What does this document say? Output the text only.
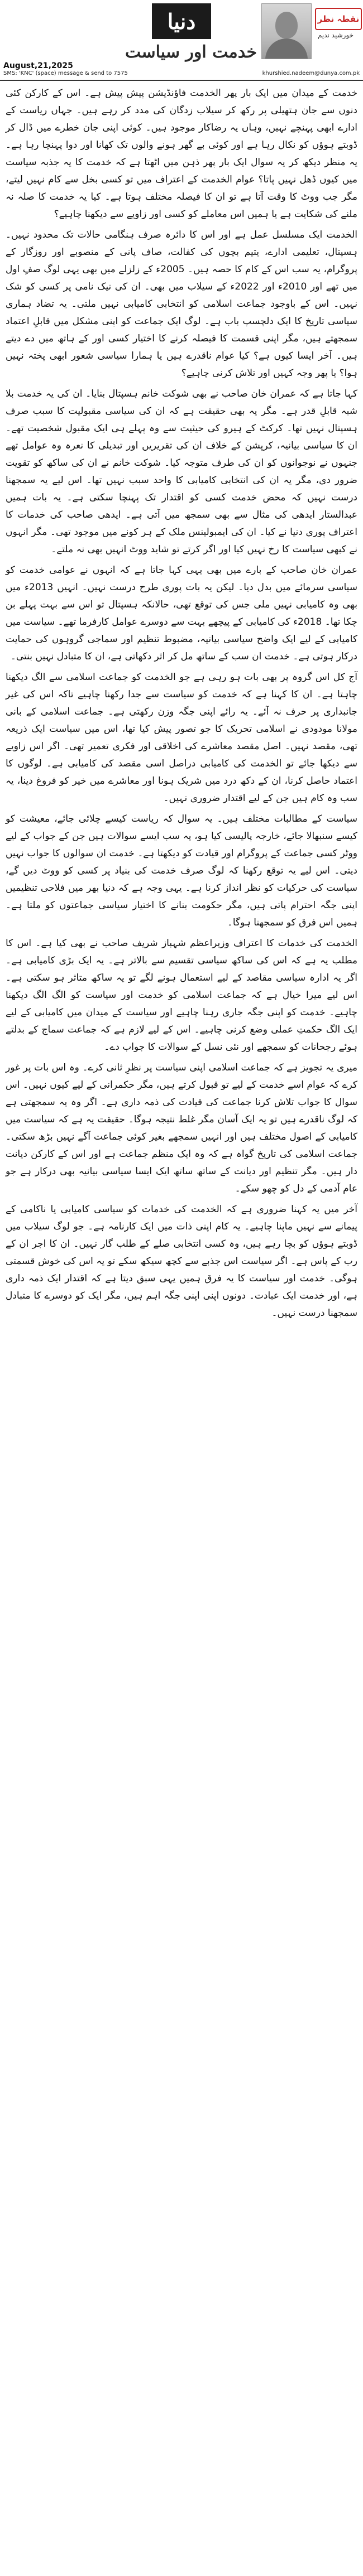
دنیا	نقطہ نظر
خورشید ندیم
خدمت اور سیاست
August,21,2025
SMS: 'KNC' (space) message & send to 7575	khurshied.nadeem@dunya.com.pk

خدمت کے میدان میں ایک بار پھر الخدمت فاؤنڈیشن پیش پیش ہے۔ اس کے کارکن کئی دنوں سے جان ہتھیلی پر رکھ کر سیلاب زدگان کی مدد کر رہے ہیں۔ جہاں ریاست کے ادارے ابھی پہنچے نہیں، وہاں یہ رضاکار موجود ہیں۔ کوئی اپنی جان خطرے میں ڈال کر ڈوبتے ہوؤں کو نکال رہا ہے اور کوئی بے گھر ہونے والوں تک کھانا اور دوا پہنچا رہا ہے۔ یہ منظر دیکھ کر یہ سوال ایک بار پھر ذہن میں اٹھتا ہے کہ خدمت کا یہ جذبہ سیاست میں کیوں ڈھل نہیں پاتا؟ عوام الخدمت کے اعتراف میں تو کسی بخل سے کام نہیں لیتے، مگر جب ووٹ کا وقت آتا ہے تو ان کا فیصلہ مختلف ہوتا ہے۔ کیا یہ خدمت کا صلہ نہ ملنے کی شکایت ہے یا ہمیں اس معاملے کو کسی اور زاویے سے دیکھنا چاہیے؟

الخدمت ایک مسلسل عمل ہے اور اس کا دائرہ صرف ہنگامی حالات تک محدود نہیں۔ ہسپتال، تعلیمی ادارے، یتیم بچوں کی کفالت، صاف پانی کے منصوبے اور روزگار کے پروگرام، یہ سب اس کے کام کا حصہ ہیں۔ 2005ء کے زلزلے میں بھی یہی لوگ صفِ اول میں تھے اور 2010ء اور 2022ء کے سیلاب میں بھی۔ ان کی نیک نامی پر کسی کو شک نہیں۔ اس کے باوجود جماعت اسلامی کو انتخابی کامیابی نہیں ملتی۔ یہ تضاد ہماری سیاسی تاریخ کا ایک دلچسپ باب ہے۔ لوگ ایک جماعت کو اپنی مشکل میں قابلِ اعتماد سمجھتے ہیں، مگر اپنی قسمت کا فیصلہ کرنے کا اختیار کسی اور کے ہاتھ میں دے دیتے ہیں۔ آخر ایسا کیوں ہے؟ کیا عوام ناقدرے ہیں یا ہمارا سیاسی شعور ابھی پختہ نہیں ہوا؟ یا پھر وجہ کہیں اور تلاش کرنی چاہیے؟

کہا جاتا ہے کہ عمران خان صاحب نے بھی شوکت خانم ہسپتال بنایا۔ ان کی یہ خدمت بلا شبہ قابلِ قدر ہے۔ مگر یہ بھی حقیقت ہے کہ ان کی سیاسی مقبولیت کا سبب صرف ہسپتال نہیں تھا۔ کرکٹ کے ہیرو کی حیثیت سے وہ پہلے ہی ایک مقبول شخصیت تھے۔ ان کا سیاسی بیانیہ، کرپشن کے خلاف ان کی تقریریں اور تبدیلی کا نعرہ وہ عوامل تھے جنہوں نے نوجوانوں کو ان کی طرف متوجہ کیا۔ شوکت خانم نے ان کی ساکھ کو تقویت ضرور دی، مگر یہ ان کی انتخابی کامیابی کا واحد سبب نہیں تھا۔ اس لیے یہ سمجھنا درست نہیں کہ محض خدمت کسی کو اقتدار تک پہنچا سکتی ہے۔ یہ بات ہمیں عبدالستار ایدھی کی مثال سے بھی سمجھ میں آتی ہے۔ ایدھی صاحب کی خدمات کا اعتراف پوری دنیا نے کیا۔ ان کی ایمبولینس ملک کے ہر کونے میں موجود تھی۔ مگر انہوں نے کبھی سیاست کا رخ نہیں کیا اور اگر کرتے تو شاید ووٹ انہیں بھی نہ ملتے۔

عمران خان صاحب کے بارے میں بھی یہی کہا جاتا ہے کہ انہوں نے عوامی خدمت کو سیاسی سرمائے میں بدل دیا۔ لیکن یہ بات پوری طرح درست نہیں۔ انہیں 2013ء میں بھی وہ کامیابی نہیں ملی جس کی توقع تھی، حالانکہ ہسپتال تو اس سے بہت پہلے بن چکا تھا۔ 2018ء کی کامیابی کے پیچھے بہت سے دوسرے عوامل کارفرما تھے۔ سیاست میں کامیابی کے لیے ایک واضح سیاسی بیانیہ، مضبوط تنظیم اور سماجی گروہوں کی حمایت درکار ہوتی ہے۔ خدمت ان سب کے ساتھ مل کر اثر دکھاتی ہے، ان کا متبادل نہیں بنتی۔

آج کل اس گروہ پر بھی بات ہو رہی ہے جو الخدمت کو جماعت اسلامی سے الگ دیکھنا چاہتا ہے۔ ان کا کہنا ہے کہ خدمت کو سیاست سے جدا رکھنا چاہیے تاکہ اس کی غیر جانبداری پر حرف نہ آئے۔ یہ رائے اپنی جگہ وزن رکھتی ہے۔ جماعت اسلامی کے بانی مولانا مودودی نے اسلامی تحریک کا جو تصور پیش کیا تھا، اس میں سیاست ایک ذریعہ تھی، مقصد نہیں۔ اصل مقصد معاشرے کی اخلاقی اور فکری تعمیر تھی۔ اگر اس زاویے سے دیکھا جائے تو الخدمت کی کامیابی دراصل اسی مقصد کی کامیابی ہے۔ لوگوں کا اعتماد حاصل کرنا، ان کے دکھ درد میں شریک ہونا اور معاشرے میں خیر کو فروغ دینا، یہ سب وہ کام ہیں جن کے لیے اقتدار ضروری نہیں۔

سیاست کے مطالبات مختلف ہیں۔ یہ سوال کہ ریاست کیسے چلائی جائے، معیشت کو کیسے سنبھالا جائے، خارجہ پالیسی کیا ہو، یہ سب ایسے سوالات ہیں جن کے جواب کے لیے ووٹر کسی جماعت کے پروگرام اور قیادت کو دیکھتا ہے۔ خدمت ان سوالوں کا جواب نہیں دیتی۔ اس لیے یہ توقع رکھنا کہ لوگ صرف خدمت کی بنیاد پر کسی کو ووٹ دیں گے، سیاست کی حرکیات کو نظر انداز کرنا ہے۔ یہی وجہ ہے کہ دنیا بھر میں فلاحی تنظیمیں اپنی جگہ احترام پاتی ہیں، مگر حکومت بنانے کا اختیار سیاسی جماعتوں کو ملتا ہے۔ ہمیں اس فرق کو سمجھنا ہوگا۔

الخدمت کی خدمات کا اعتراف وزیراعظم شہباز شریف صاحب نے بھی کیا ہے۔ اس کا مطلب یہ ہے کہ اس کی ساکھ سیاسی تقسیم سے بالاتر ہے۔ یہ ایک بڑی کامیابی ہے۔ اگر یہ ادارہ سیاسی مقاصد کے لیے استعمال ہونے لگے تو یہ ساکھ متاثر ہو سکتی ہے۔ اس لیے میرا خیال ہے کہ جماعت اسلامی کو خدمت اور سیاست کو الگ الگ دیکھنا چاہیے۔ خدمت کو اپنی جگہ جاری رہنا چاہیے اور سیاست کے میدان میں کامیابی کے لیے ایک الگ حکمتِ عملی وضع کرنی چاہیے۔ اس کے لیے لازم ہے کہ جماعت سماج کے بدلتے ہوئے رجحانات کو سمجھے اور نئی نسل کے سوالات کا جواب دے۔

میری یہ تجویز ہے کہ جماعت اسلامی اپنی سیاست پر نظرِ ثانی کرے۔ وہ اس بات پر غور کرے کہ عوام اسے خدمت کے لیے تو قبول کرتے ہیں، مگر حکمرانی کے لیے کیوں نہیں۔ اس سوال کا جواب تلاش کرنا جماعت کی قیادت کی ذمہ داری ہے۔ اگر وہ یہ سمجھتی ہے کہ لوگ ناقدرے ہیں تو یہ ایک آسان مگر غلط نتیجہ ہوگا۔ حقیقت یہ ہے کہ سیاست میں کامیابی کے اصول مختلف ہیں اور انہیں سمجھے بغیر کوئی جماعت آگے نہیں بڑھ سکتی۔ جماعت اسلامی کی تاریخ گواہ ہے کہ وہ ایک منظم جماعت ہے اور اس کے کارکن دیانت دار ہیں۔ مگر تنظیم اور دیانت کے ساتھ ساتھ ایک ایسا سیاسی بیانیہ بھی درکار ہے جو عام آدمی کے دل کو چھو سکے۔

آخر میں یہ کہنا ضروری ہے کہ الخدمت کی خدمات کو سیاسی کامیابی یا ناکامی کے پیمانے سے نہیں ماپنا چاہیے۔ یہ کام اپنی ذات میں ایک کارنامہ ہے۔ جو لوگ سیلاب میں ڈوبتے ہوؤں کو بچا رہے ہیں، وہ کسی انتخابی صلے کے طلب گار نہیں۔ ان کا اجر ان کے رب کے پاس ہے۔ اگر سیاست اس جذبے سے کچھ سیکھ سکے تو یہ اس کی خوش قسمتی ہوگی۔ خدمت اور سیاست کا یہ فرق ہمیں یہی سبق دیتا ہے کہ اقتدار ایک ذمہ داری ہے، اور خدمت ایک عبادت۔ دونوں اپنی اپنی جگہ اہم ہیں، مگر ایک کو دوسرے کا متبادل سمجھنا درست نہیں۔
